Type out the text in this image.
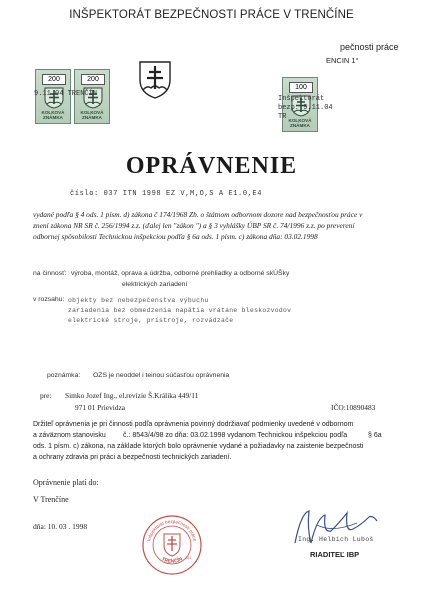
INŠPEKTORÁT BEZPEČNOSTI PRÁCE V TRENČÍNE
200
KOLKOVÁ ZNÁMKA
200
KOLKOVÁ ZNÁMKA
9.11.04 TRENČÍN
pečnosti práce
ENCIN 1°
100
KOLKOVÁ ZNÁMKA
Inšpektorát bezp. 9.11.04 TR
OPRÁVNENIE
číslo: 037 ITN 1998 EZ V,M,O,S A E1.0,E4
vydané podľa § 4 ods. 1 písm. d) zákona č 174/1968 Zb. o štátnom odbornom dozore nad bezpečnosťou práce v
znení zákona NR SR č. 256/1994 z.z. (ďalej len "zákon ") a § 3 vyhlášky ÚBP SR č. 74/1996 z.z. po preverení
odbornej spôsobilosti Technickou inšpekciou podľa § 6a ods. 1 písm. c) zákona dňa: 03.02.1998
na činnosť: výroba, montáž, oprava a údržba, odborné prehliadky a odborné skÚŠky
elektrických zariadení
v rozsahu: objekty bez nebezpečenstva výbuchu
zariadenia bez obmedzenia napätia vrátane bleskozvodov
elektrické stroje, prístroje, rozvádzače
poznámka: OZS je neoddel i teinou súčasťou oprávnenia
pre: Simko Jozef Ing., el.revízie Š.Králika 449/11
971 01 Prievidza	IČO:10890483
Držiteľ oprávnenia je pri činnosti podľa oprávnenia povinný dodržiavať podmienky uvedené v odbornom
a záväznom stanovisku č.: 8543/4/98 zo dňa: 03.02.1998 vydanom Technickou inšpekciou podľa	§ 6a
ods. 1 písm. c) zákona, na základe ktorých bolo oprávnenie vydané a požiadavky na zaistenie bezpečnosti
a ochrany zdravia pri práci a bezpečnosti technických zariadení.
Oprávnenie platí do:
V Trenčíne
dňa: 10. 03 . 1998
Inšpektorát bezpečnosti práce
TRENČÍN 101
Ing. Helbich Luboš
RIADITEĽ IBP
